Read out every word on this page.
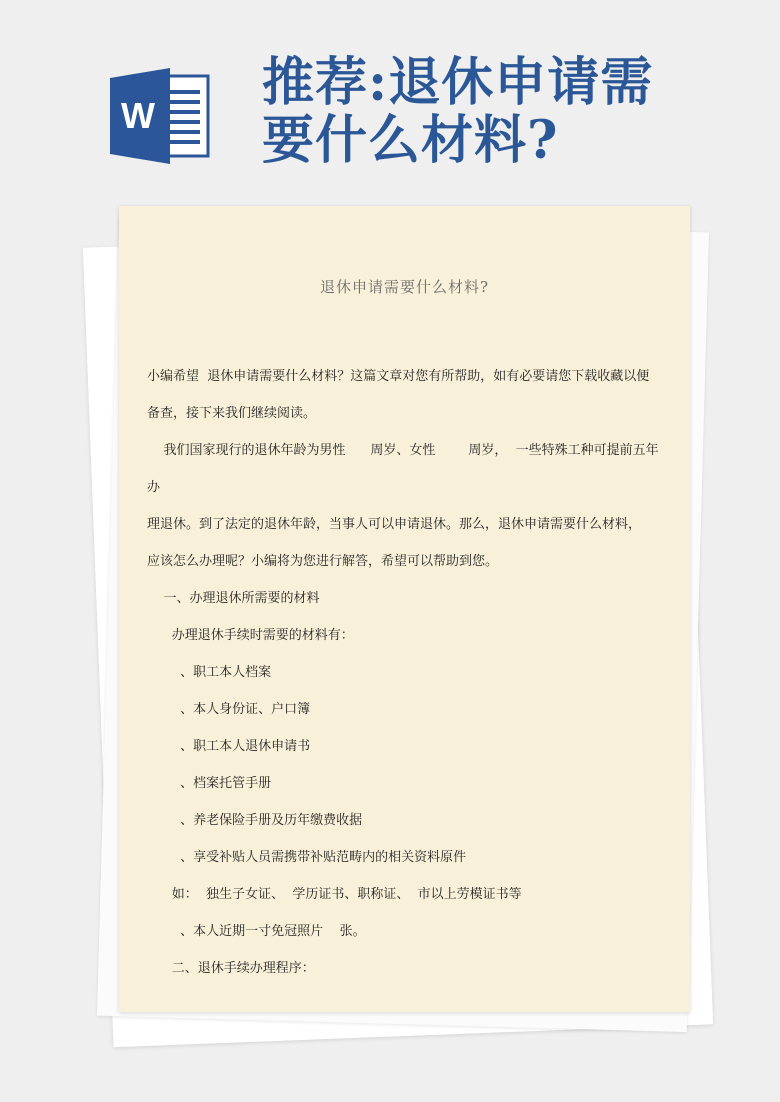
W
推荐:退休申请需
要什么材料?
退休申请需要什么材料?

小编希望  退休申请需要什么材料？这篇文章对您有所帮助，如有必要请您下载收藏以便

备查，接下来我们继续阅读。

我们国家现行的退休年龄为男性      周岁、女性        周岁，  一些特殊工种可提前五年办

理退休。到了法定的退休年龄，当事人可以申请退休。那么，退休申请需要什么材料，

应该怎么办理呢？小编将为您进行解答，希望可以帮助到您。

一、办理退休所需要的材料

办理退休手续时需要的材料有：

、职工本人档案

、本人身份证、户口簿

、职工本人退休申请书

、档案托管手册

、养老保险手册及历年缴费收据

、享受补贴人员需携带补贴范畴内的相关资料原件

如：  独生子女证、  学历证书、职称证、  市以上劳模证书等

、本人近期一寸免冠照片    张。

二、退休手续办理程序：
